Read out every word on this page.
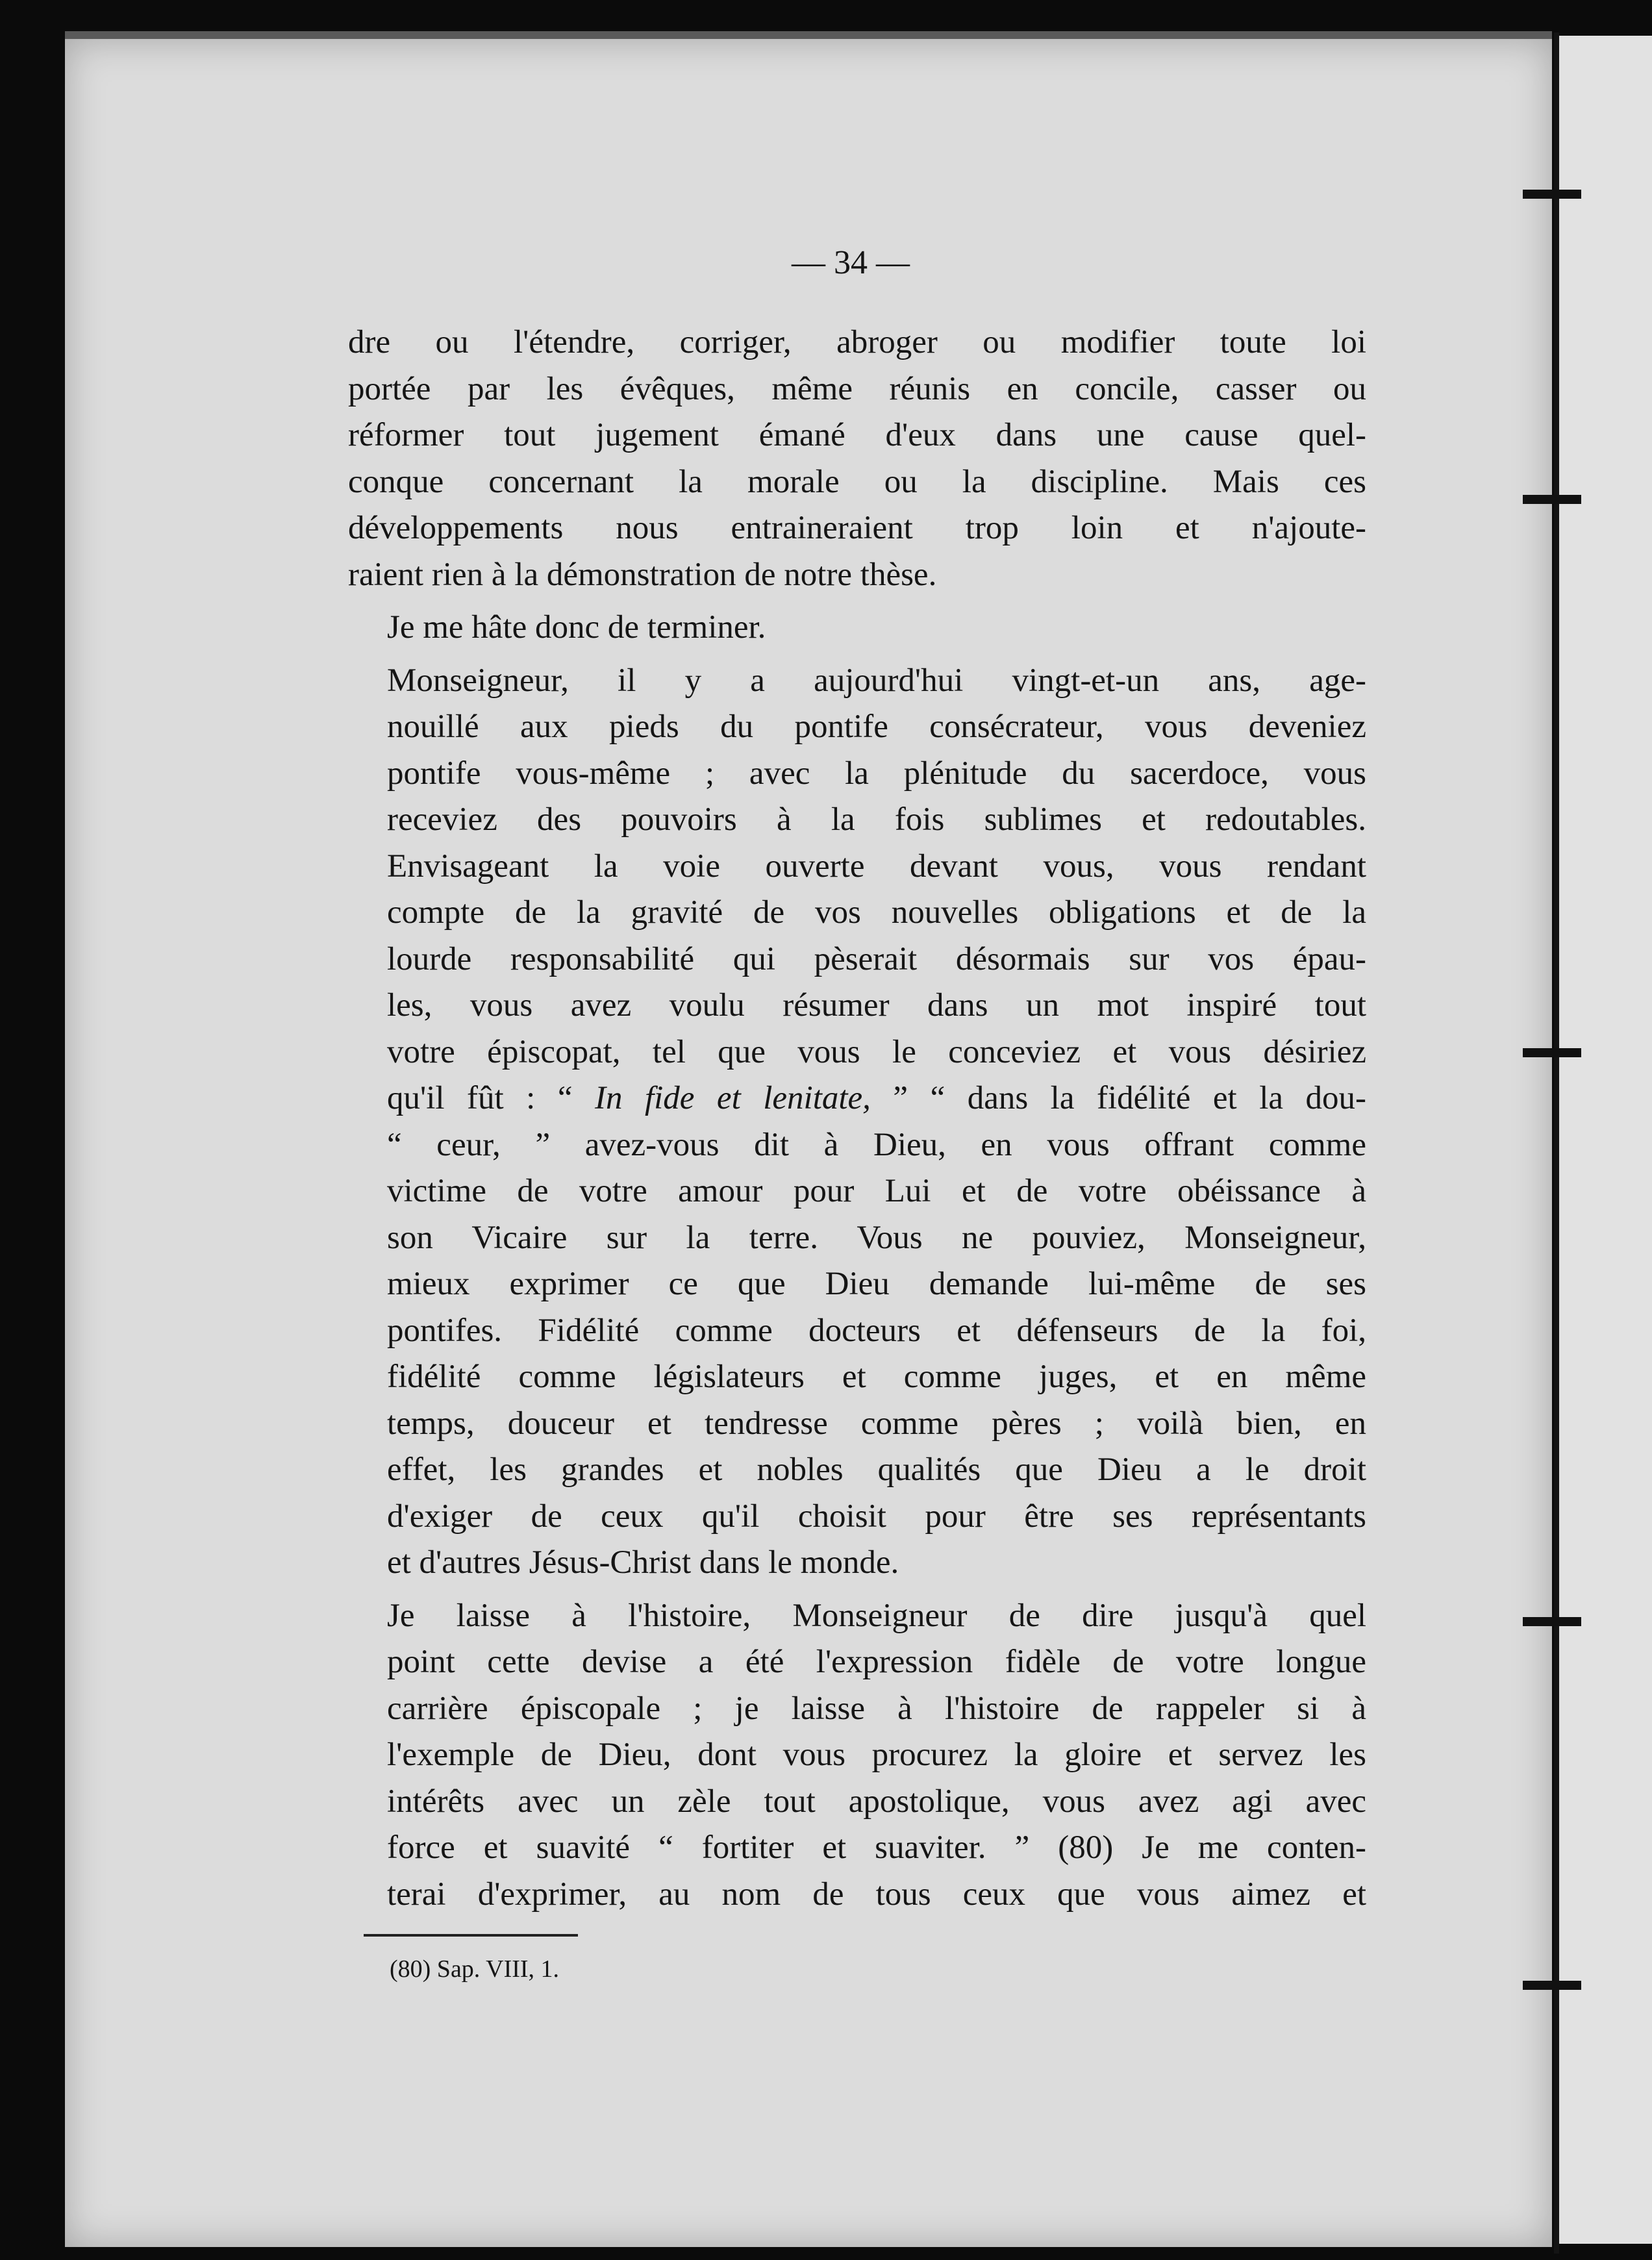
— 34 —

dre ou l'étendre, corriger, abroger ou modifier toute loi
portée par les évêques, même réunis en concile, casser ou
réformer tout jugement émané d'eux dans une cause quel-
conque concernant la morale ou la discipline. Mais ces
développements nous entraineraient trop loin et n'ajoute-
raient rien à la démonstration de notre thèse.

Je me hâte donc de terminer.

Monseigneur, il y a aujourd'hui vingt-et-un ans, age-
nouillé aux pieds du pontife consécrateur, vous deveniez
pontife vous-même ; avec la plénitude du sacerdoce, vous
receviez des pouvoirs à la fois sublimes et redoutables.
Envisageant la voie ouverte devant vous, vous rendant
compte de la gravité de vos nouvelles obligations et de la
lourde responsabilité qui pèserait désormais sur vos épau-
les, vous avez voulu résumer dans un mot inspiré tout
votre épiscopat, tel que vous le conceviez et vous désiriez
qu'il fût : “ In fide et lenitate, ” “ dans la fidélité et la dou-
“ ceur, ” avez-vous dit à Dieu, en vous offrant comme
victime de votre amour pour Lui et de votre obéissance à
son Vicaire sur la terre. Vous ne pouviez, Monseigneur,
mieux exprimer ce que Dieu demande lui-même de ses
pontifes. Fidélité comme docteurs et défenseurs de la foi,
fidélité comme législateurs et comme juges, et en même
temps, douceur et tendresse comme pères ; voilà bien, en
effet, les grandes et nobles qualités que Dieu a le droit
d'exiger de ceux qu'il choisit pour être ses représentants
et d'autres Jésus-Christ dans le monde.

Je laisse à l'histoire, Monseigneur de dire jusqu'à quel
point cette devise a été l'expression fidèle de votre longue
carrière épiscopale ; je laisse à l'histoire de rappeler si à
l'exemple de Dieu, dont vous procurez la gloire et servez les
intérêts avec un zèle tout apostolique, vous avez agi avec
force et suavité “ fortiter et suaviter. ” (80) Je me conten-
terai d'exprimer, au nom de tous ceux que vous aimez et

(80) Sap. VIII, 1.
